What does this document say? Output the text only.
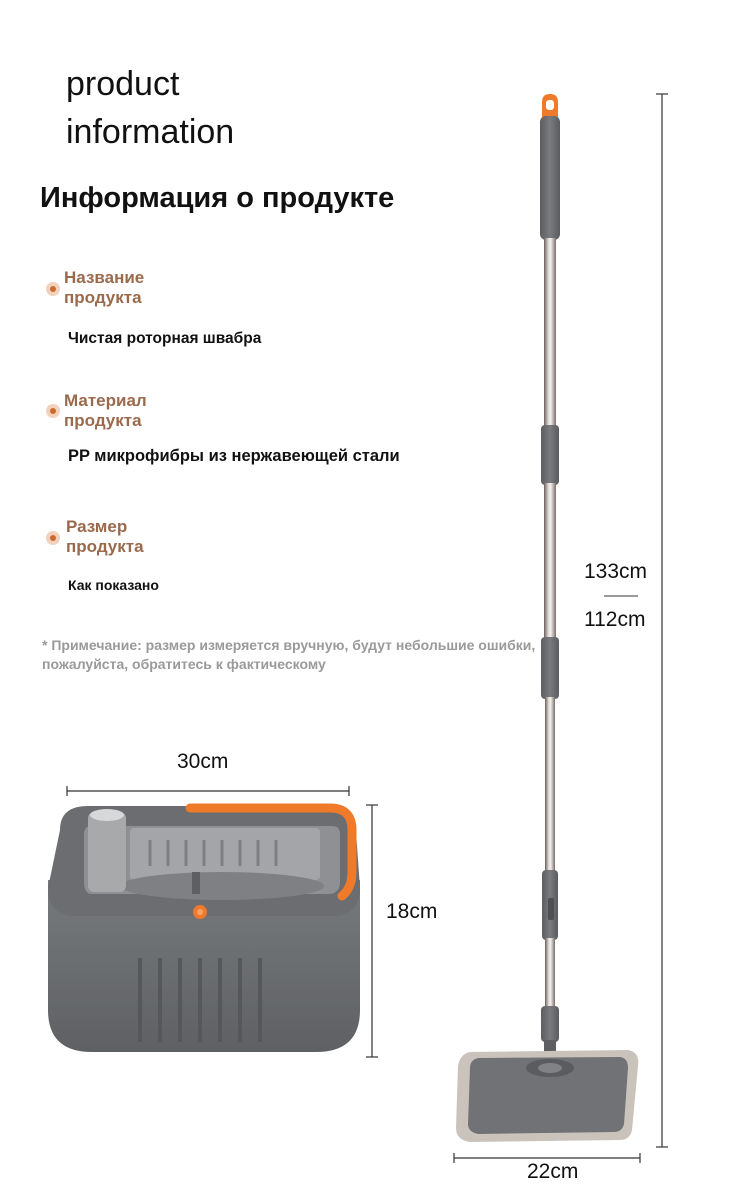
product
information
Информация о продукте
Название
продукта
Чистая роторная швабра
Материал
продукта
PP микрофибры из нержавеющей стали
Размер
продукта
Как показано
* Примечание: размер измеряется вручную, будут небольшие ошибки, пожалуйста, обратитесь к фактическому
30cm
18cm
133cm
112cm
22cm
